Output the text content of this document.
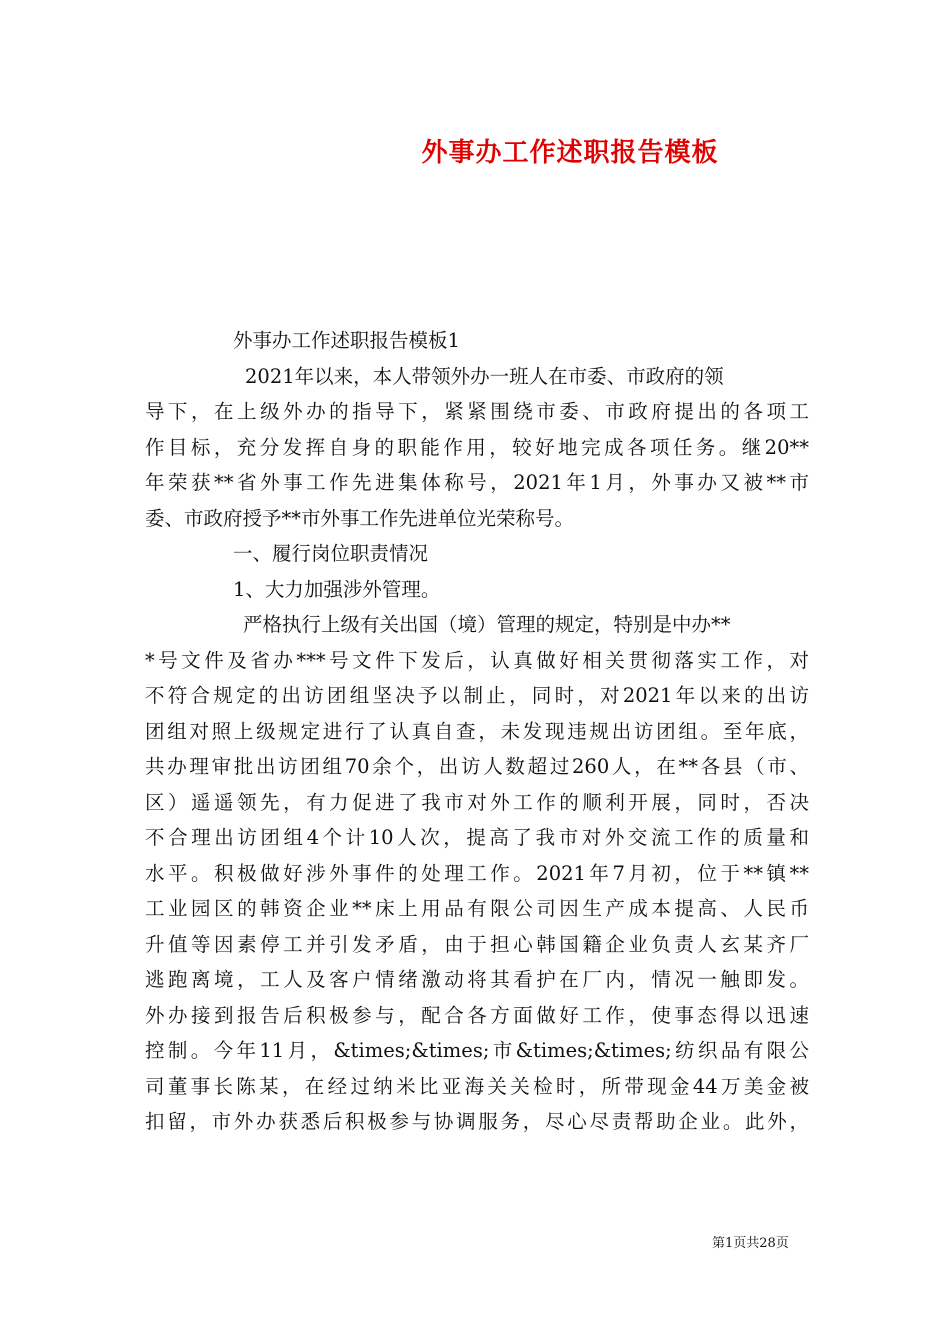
外事办工作述职报告模板
外事办工作述职报告模板1
2021年以来，本人带领外办一班人在市委、市政府的领
导下，在上级外办的指导下，紧紧围绕市委、市政府提出的各项工
作目标，充分发挥自身的职能作用，较好地完成各项任务。继20**
年荣获**省外事工作先进集体称号，2021年1月，外事办又被**市
委、市政府授予**市外事工作先进单位光荣称号。
一、履行岗位职责情况
1、大力加强涉外管理。
严格执行上级有关出国（境）管理的规定，特别是中办**
*号文件及省办***号文件下发后，认真做好相关贯彻落实工作，对
不符合规定的出访团组坚决予以制止，同时，对2021年以来的出访
团组对照上级规定进行了认真自查，未发现违规出访团组。至年底，
共办理审批出访团组70余个，出访人数超过260人，在**各县（市、
区）遥遥领先，有力促进了我市对外工作的顺利开展，同时，否决
不合理出访团组4个计10人次，提高了我市对外交流工作的质量和
水平。积极做好涉外事件的处理工作。2021年7月初，位于**镇**
工业园区的韩资企业**床上用品有限公司因生产成本提高、人民币
升值等因素停工并引发矛盾，由于担心韩国籍企业负责人玄某齐厂
逃跑离境，工人及客户情绪激动将其看护在厂内，情况一触即发。
外办接到报告后积极参与，配合各方面做好工作，使事态得以迅速
控制。今年11月，&times;&times;市&times;&times;纺织品有限公
司董事长陈某，在经过纳米比亚海关关检时，所带现金44万美金被
扣留，市外办获悉后积极参与协调服务，尽心尽责帮助企业。此外，
第1页共28页
